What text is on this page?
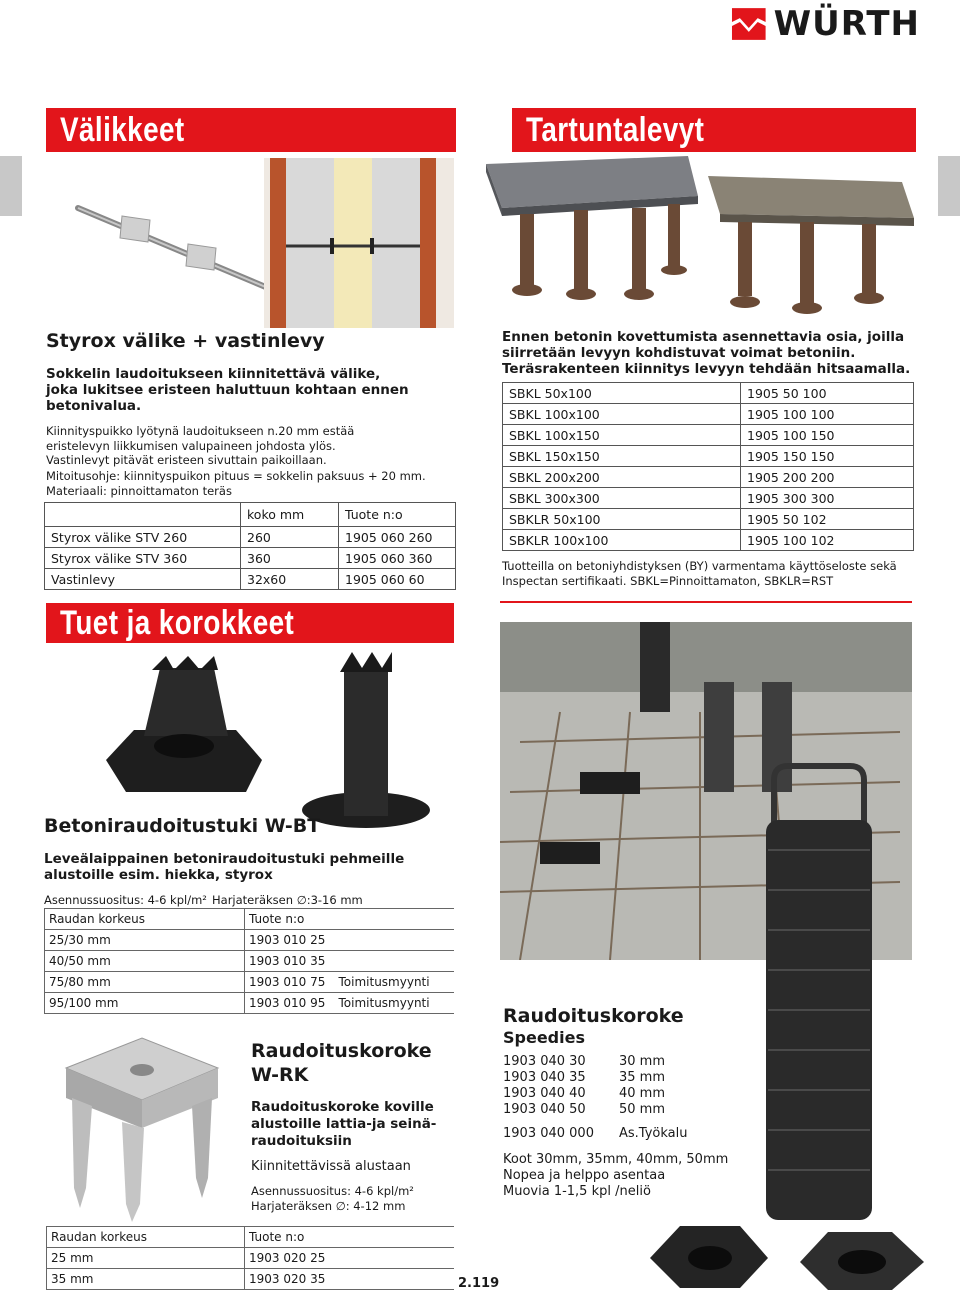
WÜRTH
Välikkeet	Tartuntalevyt
Tuet ja korokkeet
Styrox välike + vastinlevy
Sokkelin laudoitukseen kiinnitettävä välike, joka lukitsee eristeen haluttuun kohtaan ennen betonivalua.
Kiinnityspuikko lyötynä laudoitukseen n.20 mm estää eristelevyn liikkumisen valupaineen johdosta ylös.
Vastinlevyt pitävät eristeen sivuttain paikoillaan.
Mitoitusohje: kiinnityspuikon pituus = sokkelin paksuus + 20 mm.
Materiaali: pinnoittamaton teräs
	koko mm	Tuote n:o
Styrox välike STV 260	260	1905 060 260
Styrox välike STV 360	360	1905 060 360
Vastinlevy	32x60	1905 060 60
Ennen betonin kovettumista asennettavia osia, joilla siirretään levyyn kohdistuvat voimat betoniin. Teräsrakenteen kiinnitys levyyn tehdään hitsaamalla.
SBKL 50x100	1905 50 100
SBKL 100x100	1905 100 100
SBKL 100x150	1905 100 150
SBKL 150x150	1905 150 150
SBKL 200x200	1905 200 200
SBKL 300x300	1905 300 300
SBKLR 50x100	1905 50 102
SBKLR 100x100	1905 100 102
Tuotteilla on betoniyhdistyksen (BY) varmentama käyttöseloste sekä Inspectan sertifikaati. SBKL=Pinnoittamaton, SBKLR=RST
Betoniraudoitustuki W-BT
Leveälaippainen betoniraudoitustuki pehmeille alustoille esim. hiekka, styrox
Asennussuositus: 4-6 kpl/m² Harjateräksen ∅:3-16 mm
Raudan korkeus	Tuote n:o	
25/30 mm	1903 010 25	
40/50 mm	1903 010 35	
75/80 mm	1903 010 75	Toimitusmyynti
95/100 mm	1903 010 95	Toimitusmyynti
Raudoituskoroke
W-RK
Raudoituskoroke koville alustoille lattia-ja seinä-raudoituksiin
Kiinnitettävissä alustaan
Asennussuositus: 4-6 kpl/m²
Harjateräksen ∅: 4-12 mm
Raudan korkeus	Tuote n:o
25 mm	1903 020 25
35 mm	1903 020 35	2.119
Raudoituskoroke
Speedies
1903 040 30	30 mm
1903 040 35	35 mm
1903 040 40	40 mm
1903 040 50	50 mm
1903 040 000	As.Työkalu
Koot 30mm, 35mm, 40mm, 50mm
Nopea ja helppo asentaa
Muovia 1-1,5 kpl /neliö
